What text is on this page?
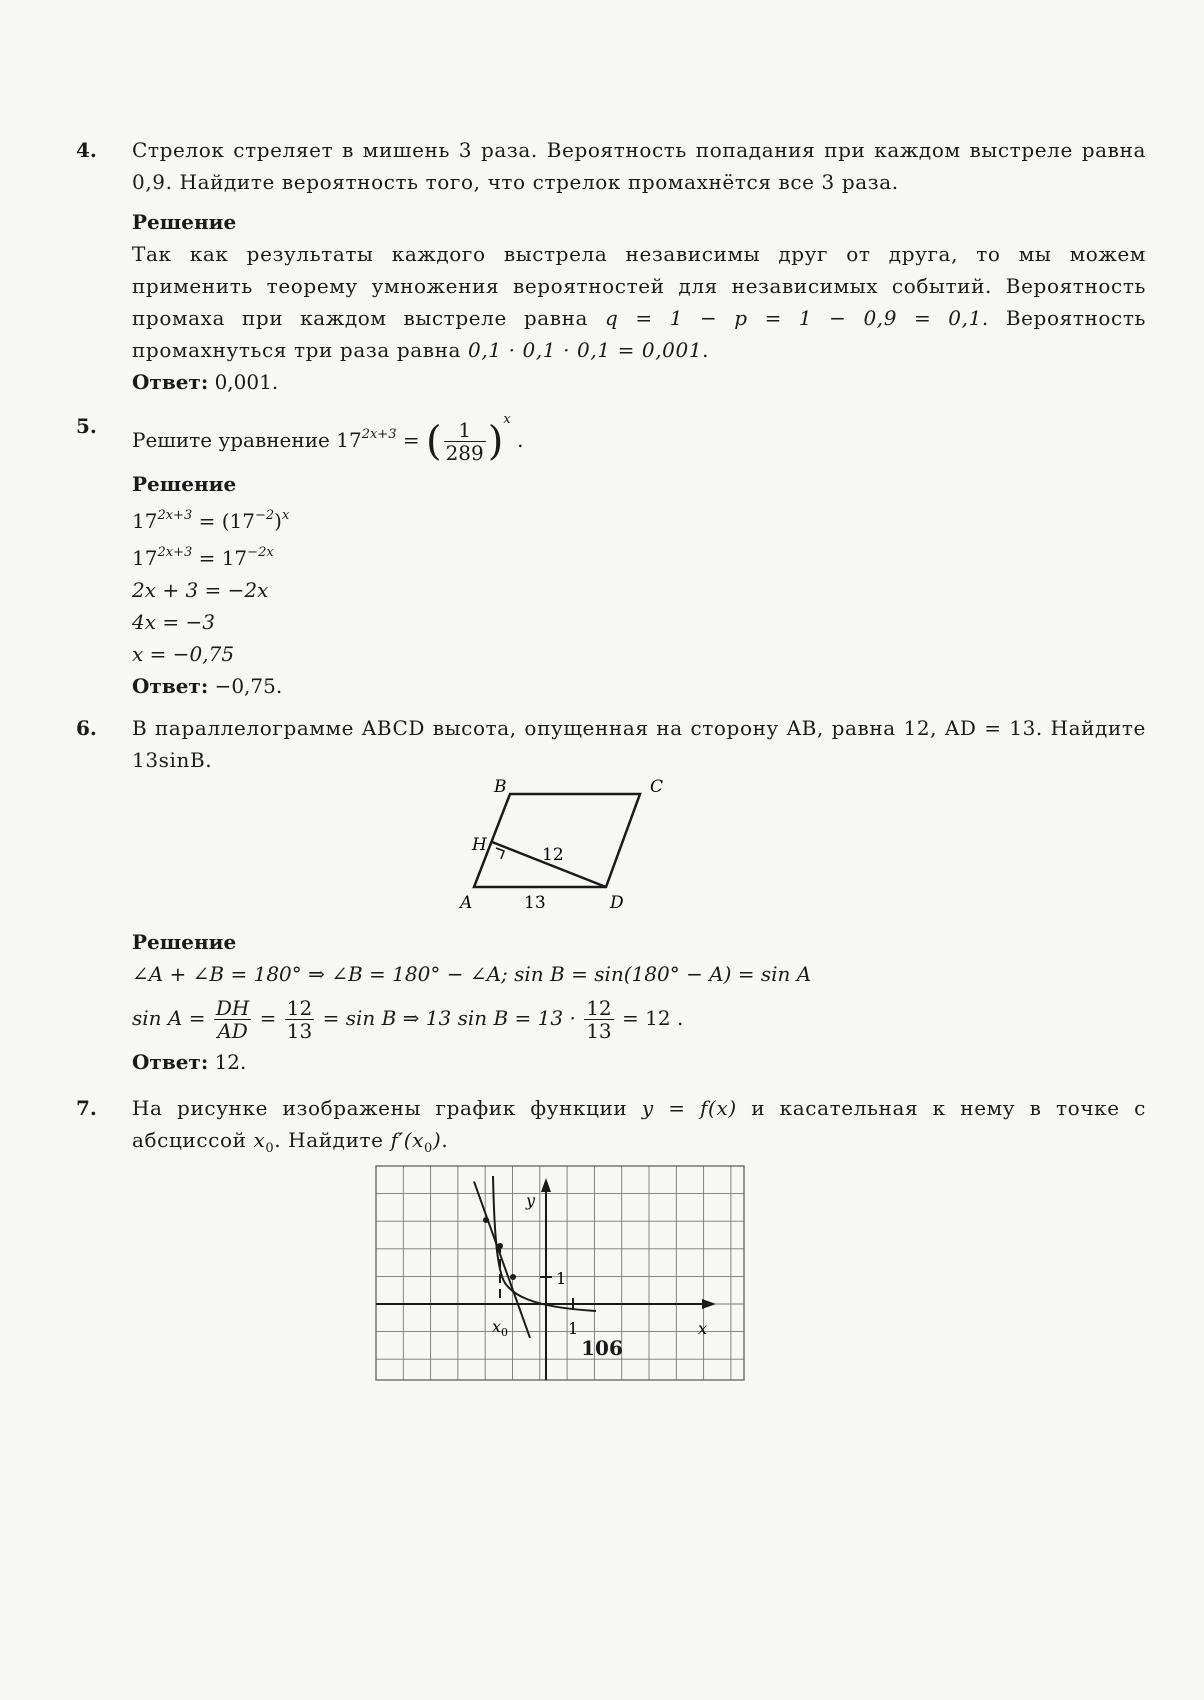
4. Стрелок стреляет в мишень 3 раза. Вероятность попадания при каждом выстреле равна 0,9. Найдите вероятность того, что стрелок промахнётся все 3 раза.
Решение
Так как результаты каждого выстрела независимы друг от друга, то мы можем применить теорему умножения вероятностей для независимых событий. Вероятность промаха при каждом выстреле равна q = 1 − p = 1 − 0,9 = 0,1. Вероятность промахнуться три раза равна 0,1 · 0,1 · 0,1 = 0,001.
Ответ: 0,001.
5.
Решите уравнение $17^{2x+3}$ = ( $\frac{1}{289} )^x$ .
Решение
$17^{2x+3} = (17^{-2})^x$
$17^{2x+3} = 17^{-2x}$
2x + 3 = −2x
4x = −3
x = −0,75
Ответ: −0,75.
6. В параллелограмме ABCD высота, опущенная на сторону AB, равна 12, AD = 13. Найдите 13sinB.
B	C
H
A	D
12
13
Решение
∠A + ∠B = 180° ⇒ ∠B = 180° − ∠A; sin B = sin(180° − A) = sin A
$\sin A = \frac{DH}{AD} = \frac{12}{13} = \sin B$ ⇒ 13 $\sin B = 13 \cdot \frac{12}{13} = 12$ .
Ответ: 12.
7. На рисунке изображены график функции y = f(x) и касательная к нему в точке с абсциссой $x_0$. Найдите $f'(x_0)$.
y
x
1
1
$x_0$
106
